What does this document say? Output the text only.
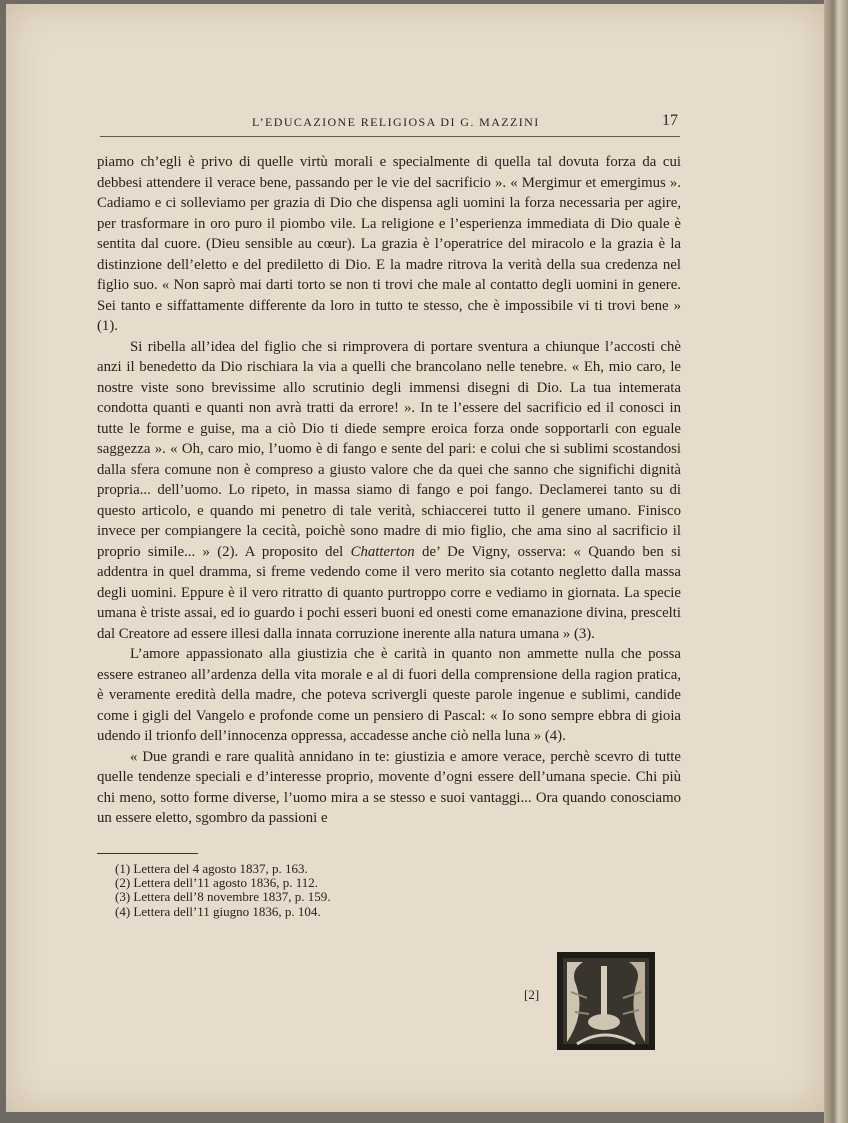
L’EDUCAZIONE RELIGIOSA DI G. MAZZINI	17

piamo ch’egli è privo di quelle virtù morali e specialmente di quella tal dovuta forza da cui debbesi attendere il verace bene, passando per le vie del sacrificio ». « Mergimur et emergimus ». Cadiamo e ci solleviamo per grazia di Dio che dispensa agli uomini la forza necessaria per agire, per trasformare in oro puro il piombo vile. La religione e l’esperienza immediata di Dio quale è sentita dal cuore. (Dieu sensible au cœur). La grazia è l’operatrice del miracolo e la grazia è la distinzione dell’eletto e del prediletto di Dio. E la madre ritrova la verità della sua credenza nel figlio suo. « Non saprò mai darti torto se non ti trovi che male al contatto degli uomini in genere. Sei tanto e siffattamente differente da loro in tutto te stesso, che è impossibile vi ti trovi bene » (1).

Si ribella all’idea del figlio che si rimprovera di portare sventura a chiunque l’accosti chè anzi il benedetto da Dio rischiara la via a quelli che brancolano nelle tenebre. « Eh, mio caro, le nostre viste sono brevissime allo scrutinio degli immensi disegni di Dio. La tua intemerata condotta quanti e quanti non avrà tratti da errore! ». In te l’essere del sacrificio ed il conosci in tutte le forme e guise, ma a ciò Dio ti diede sempre eroica forza onde sopportarli con eguale saggezza ». « Oh, caro mio, l’uomo è di fango e sente del pari: e colui che si sublimi scostandosi dalla sfera comune non è compreso a giusto valore che da quei che sanno che significhi dignità propria... dell’uomo. Lo ripeto, in massa siamo di fango e poi fango. Declamerei tanto su di questo articolo, e quando mi penetro di tale verità, schiaccerei tutto il genere umano. Finisco invece per compiangere la cecità, poichè sono madre di mio figlio, che ama sino al sacrificio il proprio simile... » (2). A proposito del Chatterton de’ De Vigny, osserva: « Quando ben si addentra in quel dramma, si freme vedendo come il vero merito sia cotanto negletto dalla massa degli uomini. Eppure è il vero ritratto di quanto purtroppo corre e vediamo in giornata. La specie umana è triste assai, ed io guardo i pochi esseri buoni ed onesti come emanazione divina, prescelti dal Creatore ad essere illesi dalla innata corruzione inerente alla natura umana » (3).

L’amore appassionato alla giustizia che è carità in quanto non ammette nulla che possa essere estraneo all’ardenza della vita morale e al di fuori della comprensione della ragion pratica, è veramente eredità della madre, che poteva scrivergli queste parole ingenue e sublimi, candide come i gigli del Vangelo e profonde come un pensiero di Pascal: « Io sono sempre ebbra di gioia udendo il trionfo dell’innocenza oppressa, accadesse anche ciò nella luna » (4).

« Due grandi e rare qualità annidano in te: giustizia e amore verace, perchè scevro di tutte quelle tendenze speciali e d’interesse proprio, movente d’ogni essere dell’umana specie. Chi più chi meno, sotto forme diverse, l’uomo mira a se stesso e suoi vantaggi... Ora quando conosciamo un essere eletto, sgombro da passioni e

(1) Lettera del 4 agosto 1837, p. 163.
(2) Lettera dell’11 agosto 1836, p. 112.
(3) Lettera dell’8 novembre 1837, p. 159.
(4) Lettera dell’11 giugno 1836, p. 104.
[2]
